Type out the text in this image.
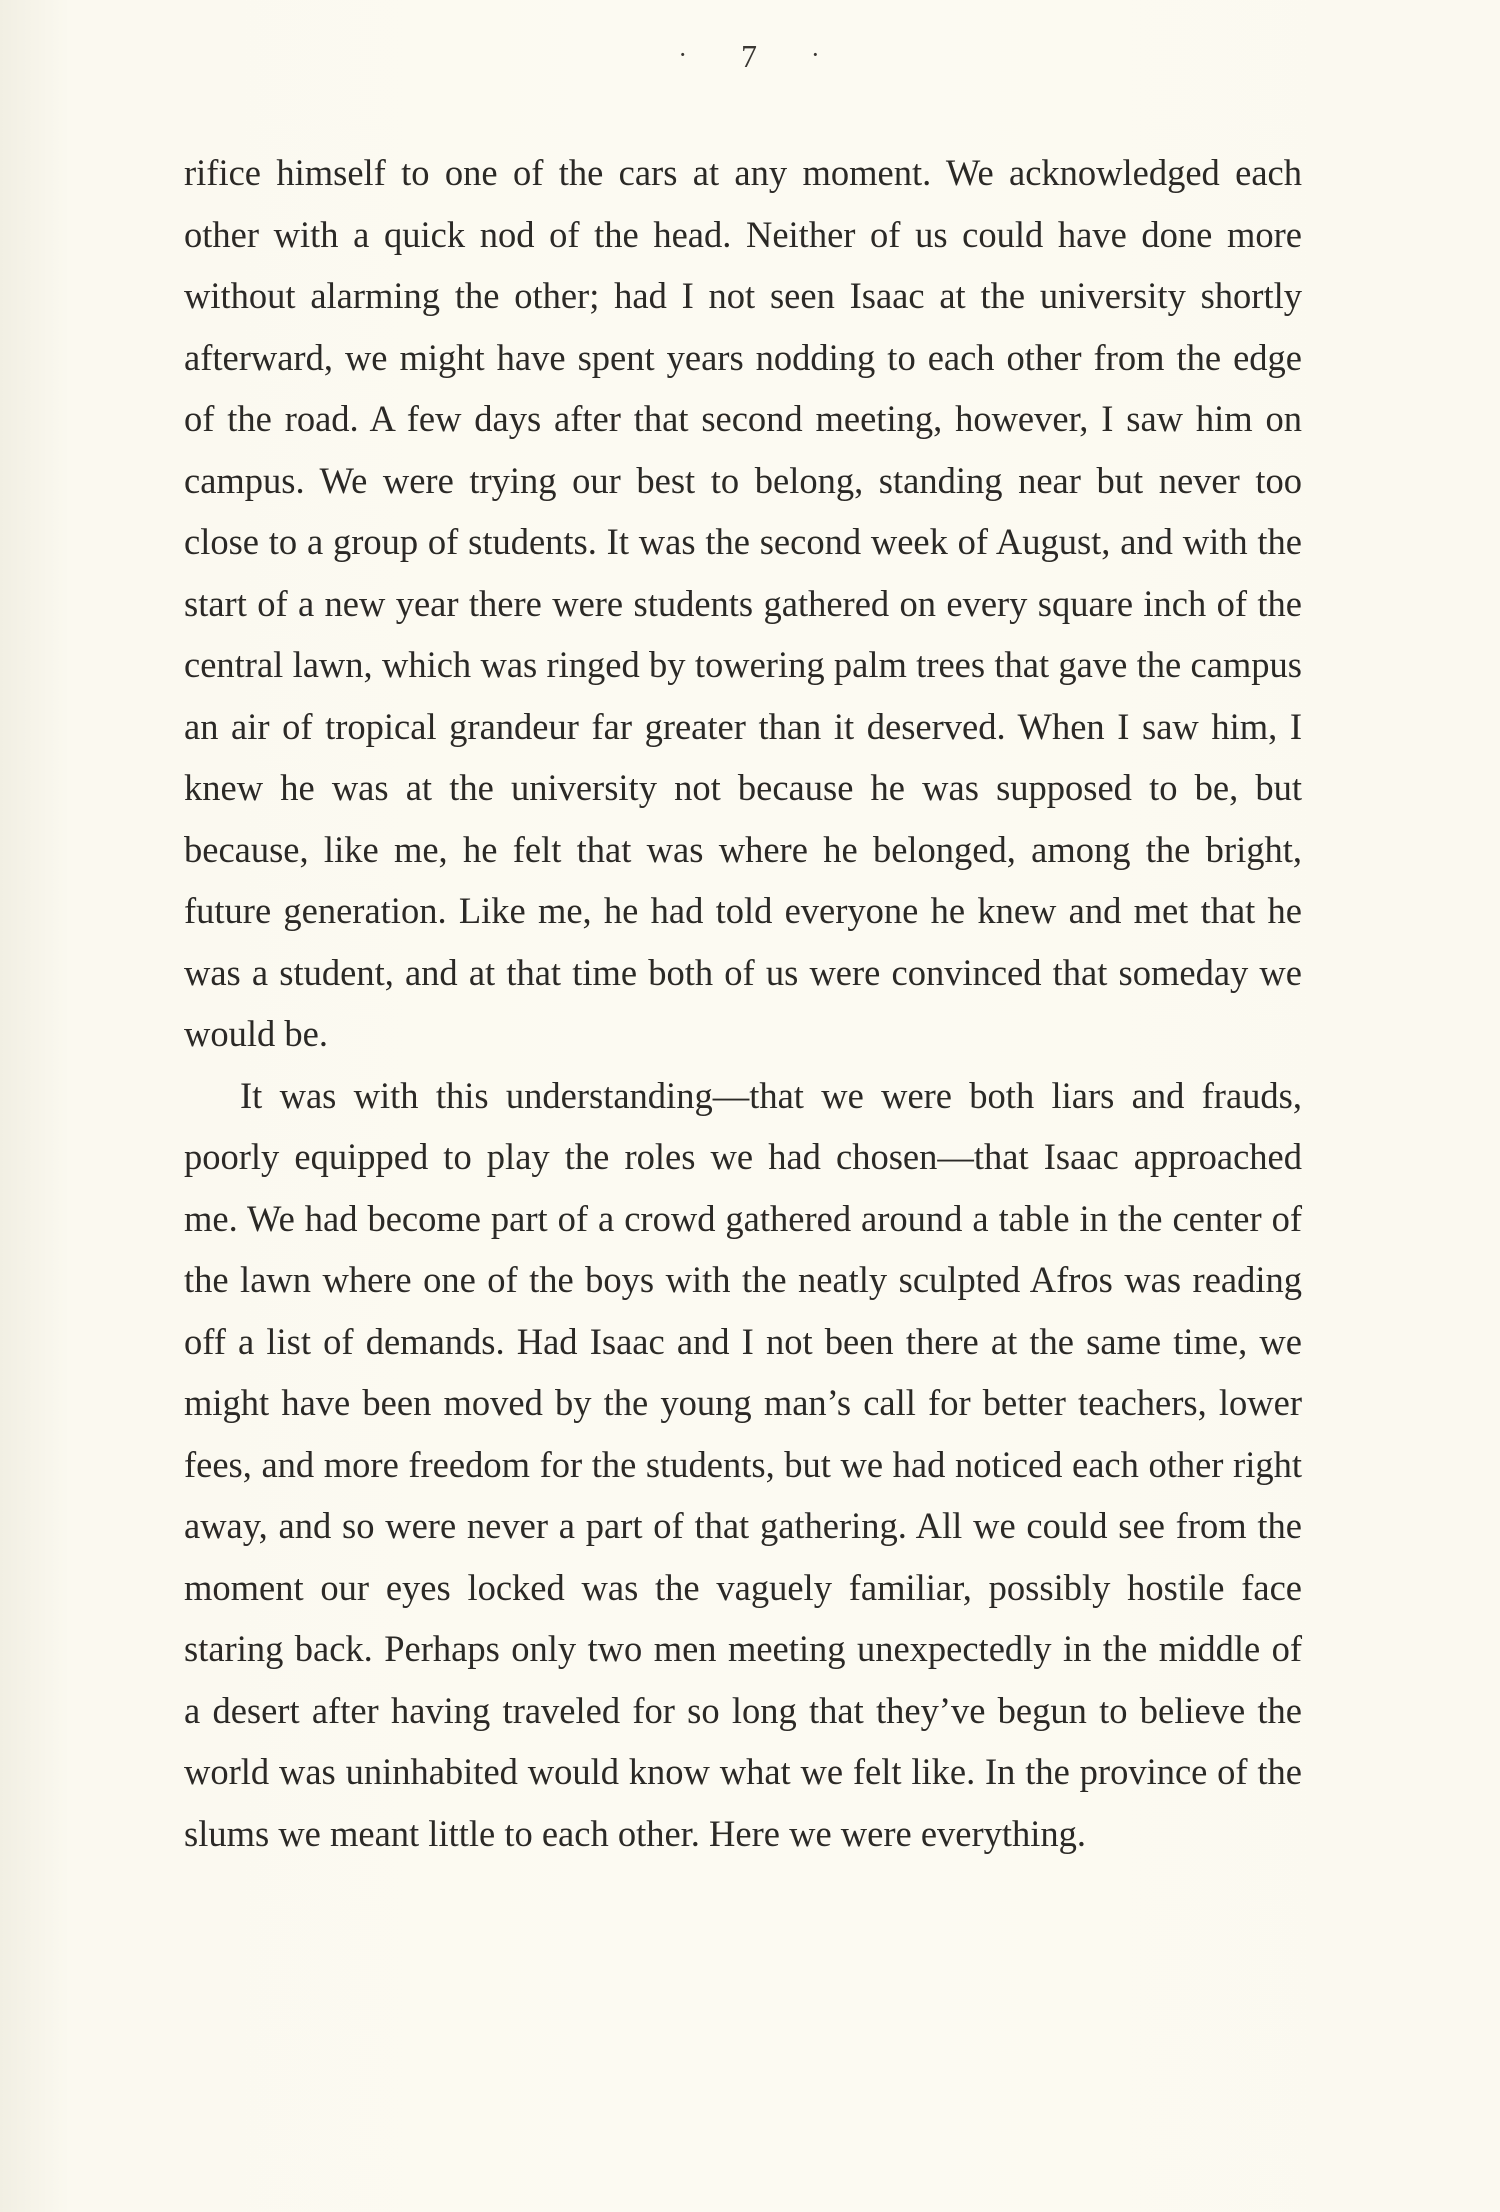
· 7 ·

rifice himself to one of the cars at any moment. We acknowledged each other with a quick nod of the head. Neither of us could have done more without alarming the other; had I not seen Isaac at the university shortly afterward, we might have spent years nodding to each other from the edge of the road. A few days after that second meeting, however, I saw him on campus. We were trying our best to belong, standing near but never too close to a group of students. It was the second week of August, and with the start of a new year there were students gathered on every square inch of the central lawn, which was ringed by towering palm trees that gave the campus an air of tropical grandeur far greater than it deserved. When I saw him, I knew he was at the university not because he was supposed to be, but because, like me, he felt that was where he belonged, among the bright, future generation. Like me, he had told everyone he knew and met that he was a student, and at that time both of us were convinced that someday we would be.

It was with this understanding—that we were both liars and frauds, poorly equipped to play the roles we had chosen—that Isaac approached me. We had become part of a crowd gathered around a table in the center of the lawn where one of the boys with the neatly sculpted Afros was reading off a list of demands. Had Isaac and I not been there at the same time, we might have been moved by the young man’s call for better teachers, lower fees, and more freedom for the students, but we had noticed each other right away, and so were never a part of that gathering. All we could see from the moment our eyes locked was the vaguely familiar, possibly hostile face staring back. Perhaps only two men meeting unexpectedly in the middle of a desert after having traveled for so long that they’ve begun to believe the world was uninhabited would know what we felt like. In the province of the slums we meant little to each other. Here we were everything.
